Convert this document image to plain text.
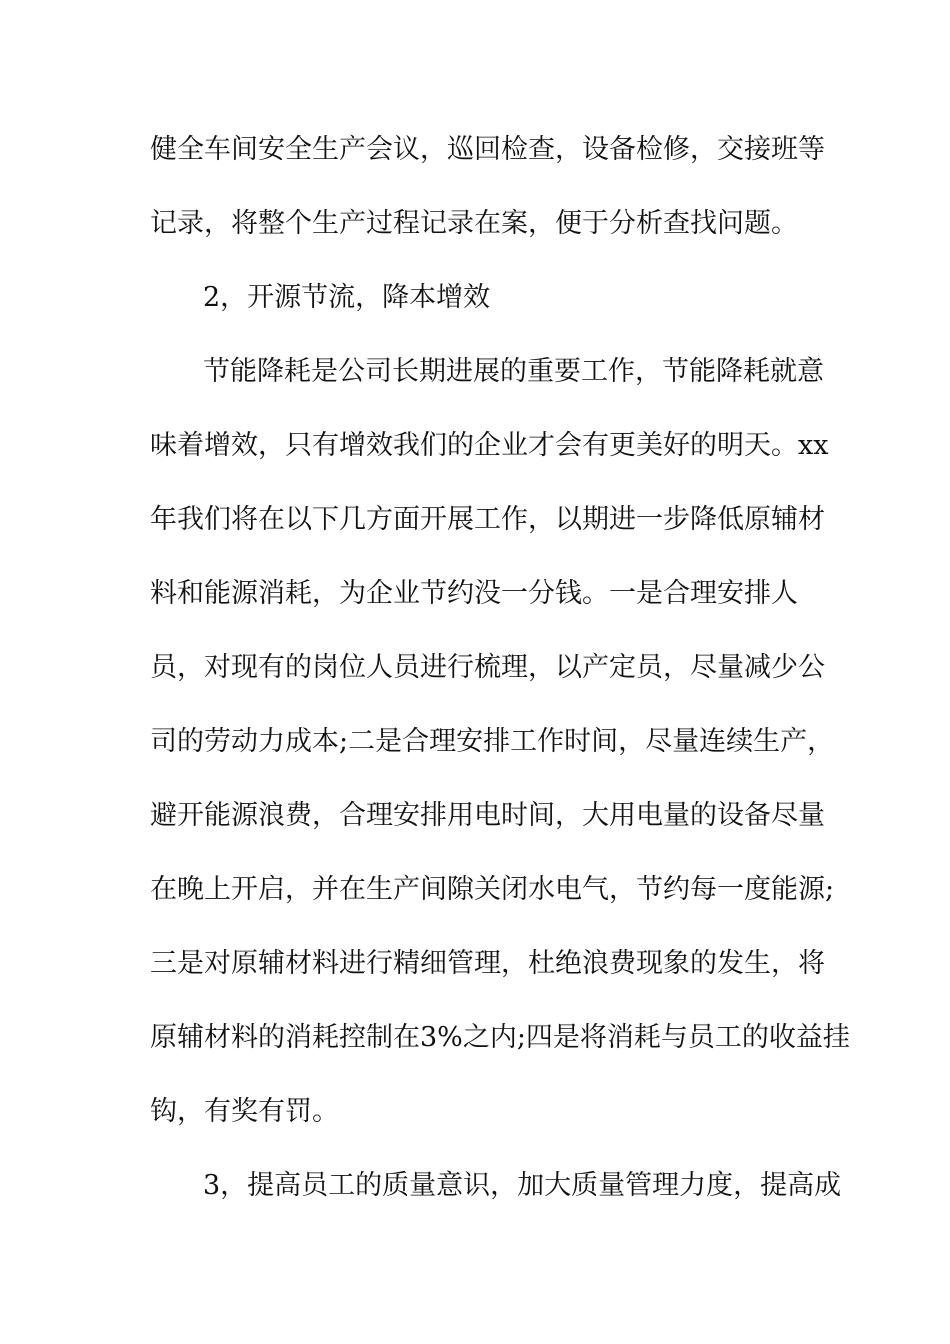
健全车间安全生产会议，巡回检查，设备检修，交接班等
记录，将整个生产过程记录在案，便于分析查找问题。
2，开源节流，降本增效
节能降耗是公司长期进展的重要工作，节能降耗就意
味着增效，只有增效我们的企业才会有更美好的明天。xx
年我们将在以下几方面开展工作，以期进一步降低原辅材
料和能源消耗，为企业节约没一分钱。一是合理安排人
员，对现有的岗位人员进行梳理，以产定员，尽量减少公
司的劳动力成本;二是合理安排工作时间，尽量连续生产，
避开能源浪费，合理安排用电时间，大用电量的设备尽量
在晚上开启，并在生产间隙关闭水电气，节约每一度能源;
三是对原辅材料进行精细管理，杜绝浪费现象的发生，将
原辅材料的消耗控制在3%之内;四是将消耗与员工的收益挂
钩，有奖有罚。
3，提高员工的质量意识，加大质量管理力度，提高成
